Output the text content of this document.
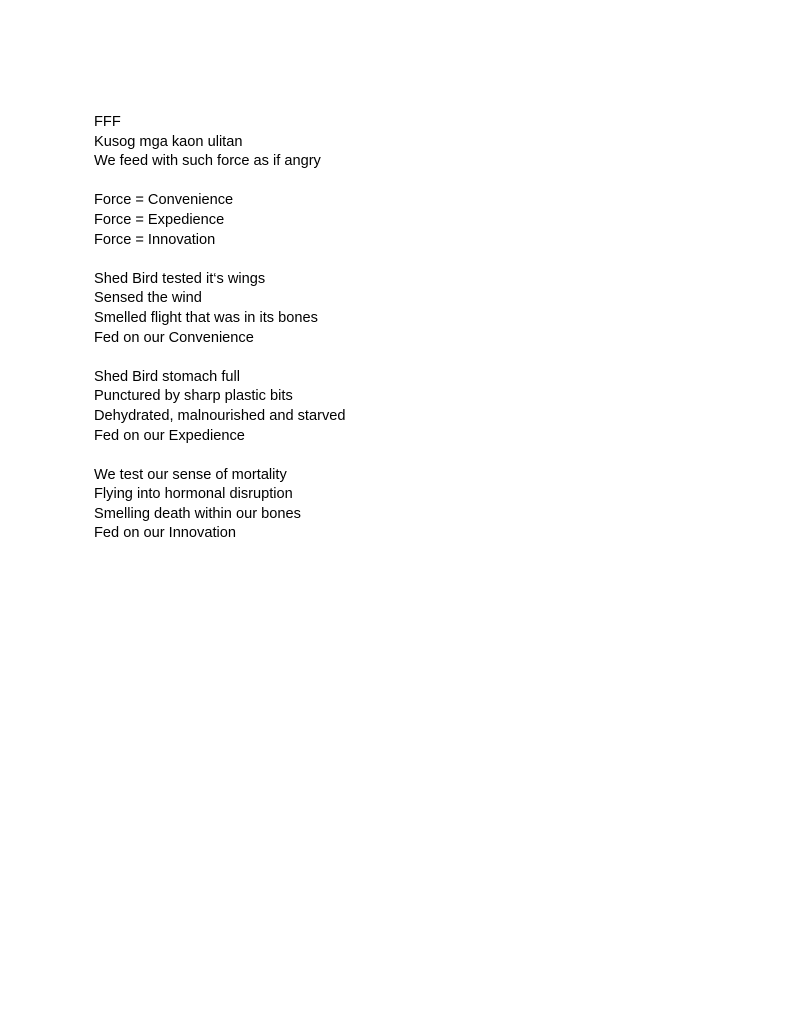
FFF
Kusog mga kaon ulitan
We feed with such force as if angry
Force = Convenience
Force = Expedience
Force = Innovation
Shed Bird tested it‘s wings
Sensed the wind
Smelled flight that was in its bones
Fed on our Convenience
Shed Bird stomach full
Punctured by sharp plastic bits
Dehydrated, malnourished and starved
Fed on our Expedience
We test our sense of mortality
Flying into hormonal disruption
Smelling death within our bones
Fed on our Innovation
